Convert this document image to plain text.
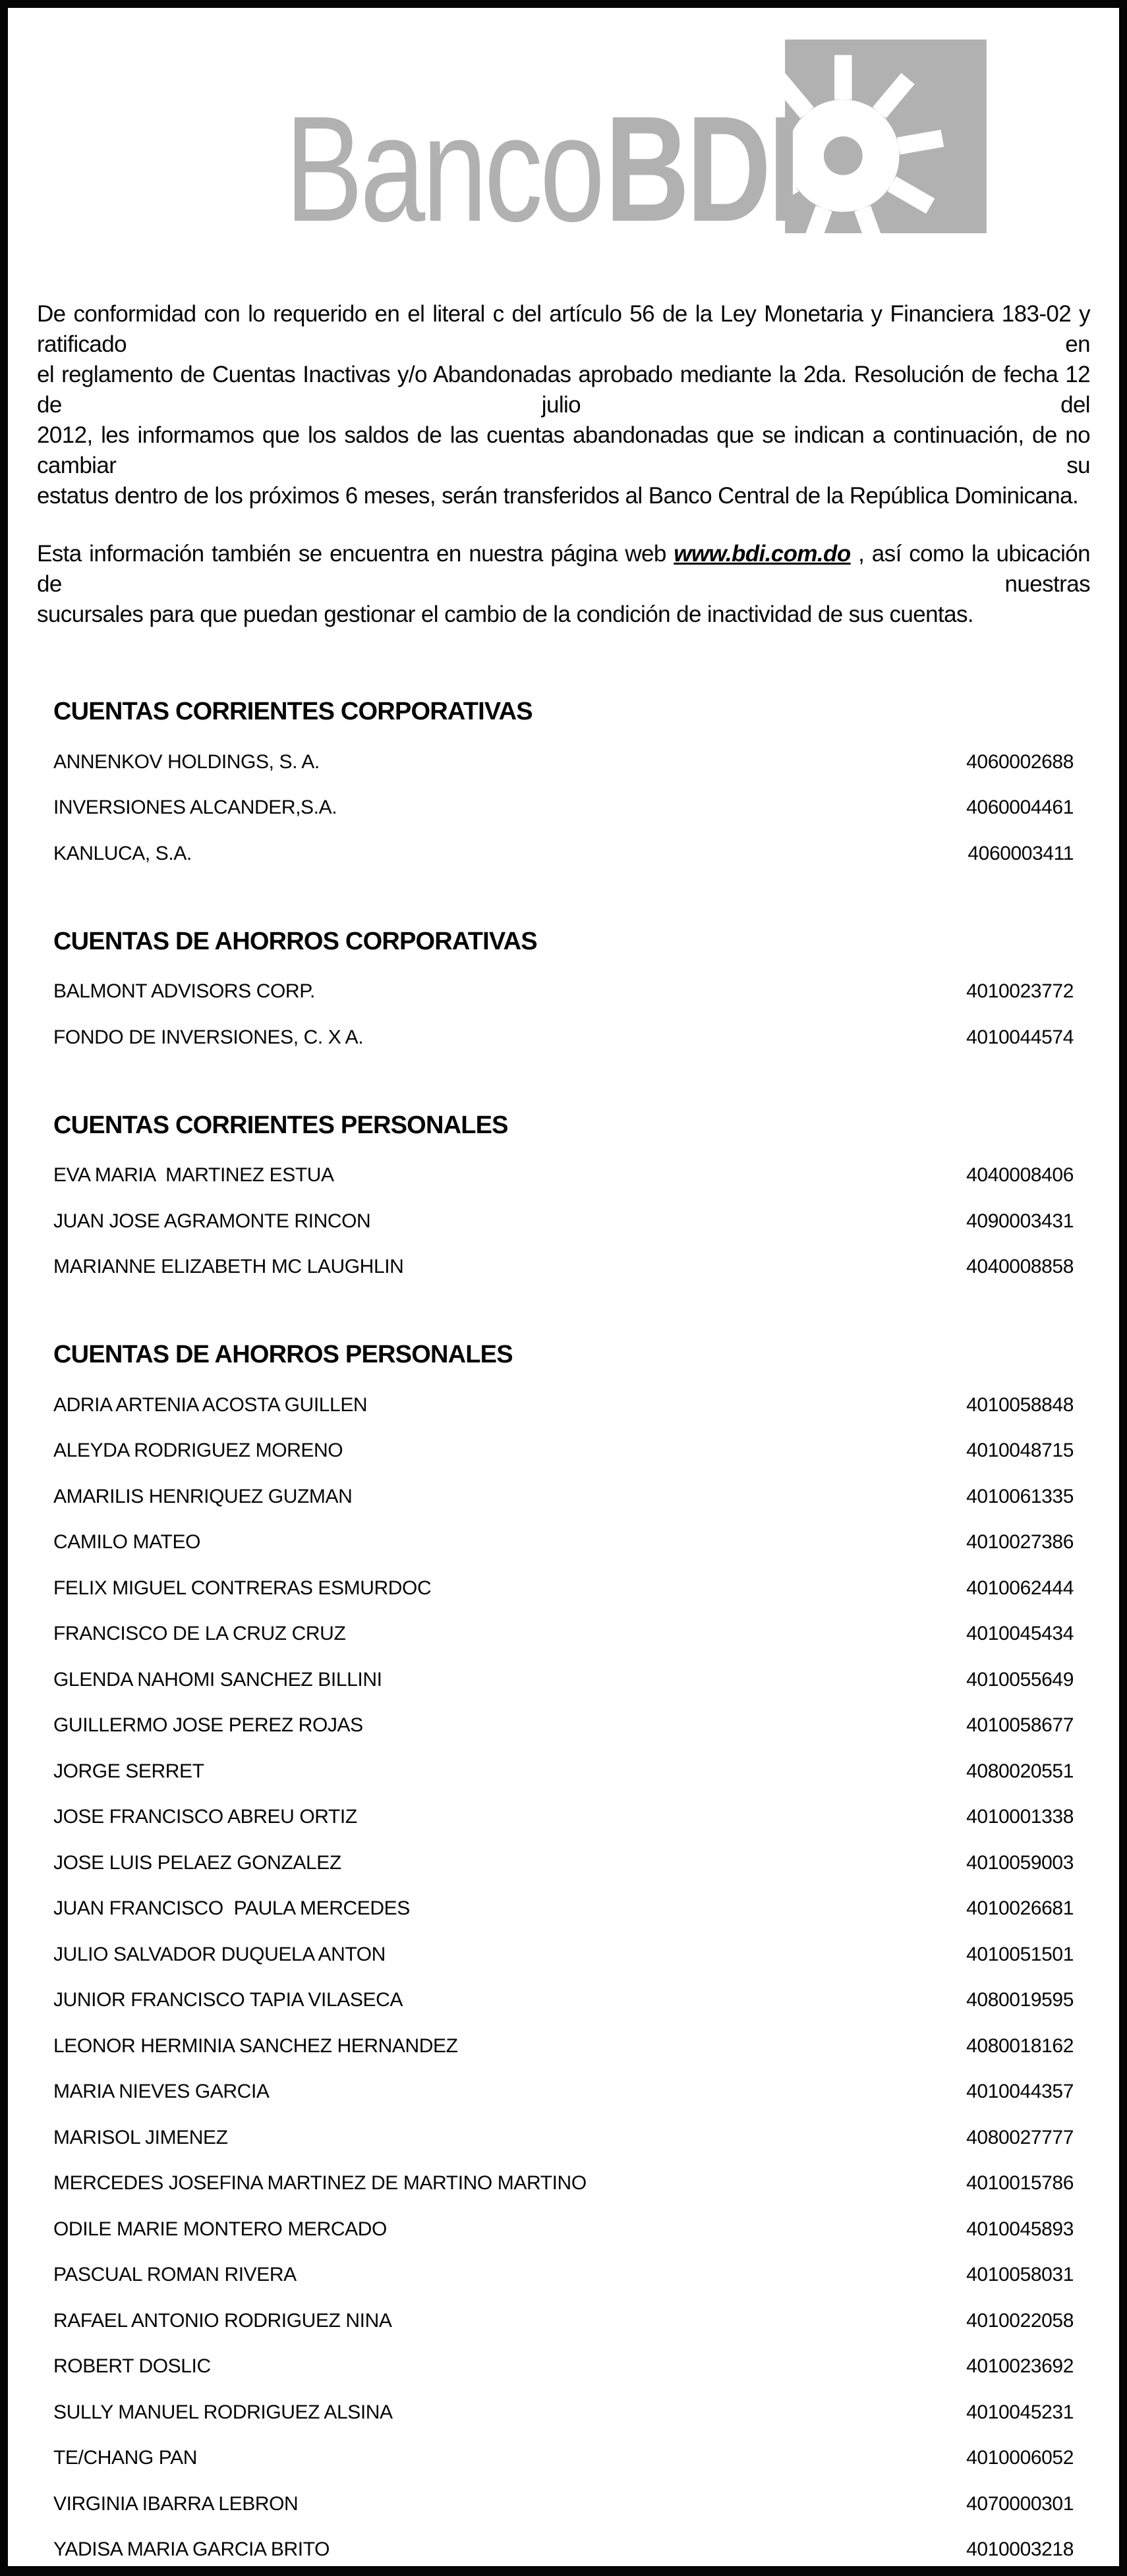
BancoBDI
De conformidad con lo requerido en el literal c del artículo 56 de la Ley Monetaria y Financiera 183-02 y ratificado en
el reglamento de Cuentas Inactivas y/o Abandonadas aprobado mediante la 2da. Resolución de fecha 12 de julio del
2012, les informamos que los saldos de las cuentas abandonadas que se indican a continuación, de no cambiar su
estatus dentro de los próximos 6 meses, serán transferidos al Banco Central de la República Dominicana.
Esta información también se encuentra en nuestra página web www.bdi.com.do , así como la ubicación de nuestras
sucursales para que puedan gestionar el cambio de la condición de inactividad de sus cuentas.
CUENTAS CORRIENTES CORPORATIVAS
ANNENKOV HOLDINGS, S. A.	4060002688
INVERSIONES ALCANDER,S.A.	4060004461
KANLUCA, S.A.	4060003411
CUENTAS DE AHORROS CORPORATIVAS
BALMONT ADVISORS CORP.	4010023772
FONDO DE INVERSIONES, C. X A.	4010044574
CUENTAS CORRIENTES PERSONALES
EVA MARIA  MARTINEZ ESTUA	4040008406
JUAN JOSE AGRAMONTE RINCON	4090003431
MARIANNE ELIZABETH MC LAUGHLIN	4040008858
CUENTAS DE AHORROS PERSONALES
ADRIA ARTENIA ACOSTA GUILLEN	4010058848
ALEYDA RODRIGUEZ MORENO	4010048715
AMARILIS HENRIQUEZ GUZMAN	4010061335
CAMILO MATEO	4010027386
FELIX MIGUEL CONTRERAS ESMURDOC	4010062444
FRANCISCO DE LA CRUZ CRUZ	4010045434
GLENDA NAHOMI SANCHEZ BILLINI	4010055649
GUILLERMO JOSE PEREZ ROJAS	4010058677
JORGE SERRET	4080020551
JOSE FRANCISCO ABREU ORTIZ	4010001338
JOSE LUIS PELAEZ GONZALEZ	4010059003
JUAN FRANCISCO  PAULA MERCEDES	4010026681
JULIO SALVADOR DUQUELA ANTON	4010051501
JUNIOR FRANCISCO TAPIA VILASECA	4080019595
LEONOR HERMINIA SANCHEZ HERNANDEZ	4080018162
MARIA NIEVES GARCIA	4010044357
MARISOL JIMENEZ	4080027777
MERCEDES JOSEFINA MARTINEZ DE MARTINO MARTINO	4010015786
ODILE MARIE MONTERO MERCADO	4010045893
PASCUAL ROMAN RIVERA	4010058031
RAFAEL ANTONIO RODRIGUEZ NINA	4010022058
ROBERT DOSLIC	4010023692
SULLY MANUEL RODRIGUEZ ALSINA	4010045231
TE/CHANG PAN	4010006052
VIRGINIA IBARRA LEBRON	4070000301
YADISA MARIA GARCIA BRITO	4010003218
